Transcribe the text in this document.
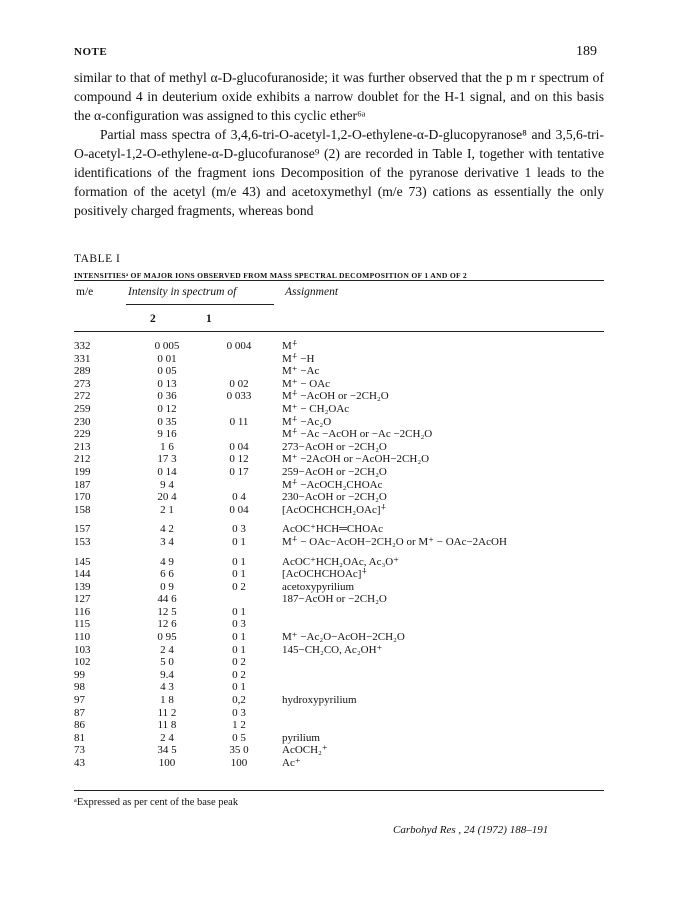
NOTE	189

similar to that of methyl α-D-glucofuranoside; it was further observed that the p m r spectrum of compound 4 in deuterium oxide exhibits a narrow doublet for the H-1 signal, and on this basis the α-configuration was assigned to this cyclic ether⁶ᵃ

Partial mass spectra of 3,4,6-tri-O-acetyl-1,2-O-ethylene-α-D-glucopyranose⁸ and 3,5,6-tri-O-acetyl-1,2-O-ethylene-α-D-glucofuranose⁹ (2) are recorded in Table I, together with tentative identifications of the fragment ions Decomposition of the pyranose derivative 1 leads to the formation of the acetyl (m/e 43) and acetoxymethyl (m/e 73) cations as essentially the only positively charged fragments, whereas bond

TABLE I
INTENSITIESᵃ OF MAJOR IONS OBSERVED FROM MASS SPECTRAL DECOMPOSITION OF 1 AND OF 2
m/e	Intensity in spectrum of	Assignment
2	1
332	0 005	0 004	M⁺̇
331	0 01		M⁺̇ −H
289	0 05		M⁺ −Ac
273	0 13	0 02	M⁺ − OAc
272	0 36	0 033	M⁺̇ −AcOH or −2CH₂O
259	0 12		M⁺ − CH₂OAc
230	0 35	0 11	M⁺̇ −Ac₂O
229	9 16		M⁺̇ −Ac −AcOH or −Ac −2CH₂O
213	1 6	0 04	273−AcOH or −2CH₂O
212	17 3	0 12	M⁺ −2AcOH or −AcOH−2CH₂O
199	0 14	0 17	259−AcOH or −2CH₂O
187	9 4		M⁺̇ −AcOCH₂CHOAc
170	20 4	0 4	230−AcOH or −2CH₂O
158	2 1	0 04	[AcOCHCHCH₂OAc]⁺̇
157	4 2	0 3	AcOC⁺HCH═CHOAc
153	3 4	0 1	M⁺̇ − OAc−AcOH−2CH₂O or M⁺ − OAc−2AcOH
145	4 9	0 1	AcOC⁺HCH₂OAc, Ac₃O⁺
144	6 6	0 1	[AcOCHCHOAc]⁺̇
139	0 9	0 2	acetoxypyrilium
127	44 6		187−AcOH or −2CH₂O
116	12 5	0 1	
115	12 6	0 3	
110	0 95	0 1	M⁺ −Ac₂O−AcOH−2CH₂O
103	2 4	0 1	145−CH₂CO, Ac₂OH⁺
102	5 0	0 2	
99	9.4	0 2	
98	4 3	0 1	
97	1 8	0,2	hydroxypyrilium
87	11 2	0 3	
86	11 8	1 2	
81	2 4	0 5	pyrilium
73	34 5	35 0	AcOCH₂⁺
43	100	100	Ac⁺
ᵃExpressed as per cent of the base peak
Carbohyd Res , 24 (1972) 188–191
